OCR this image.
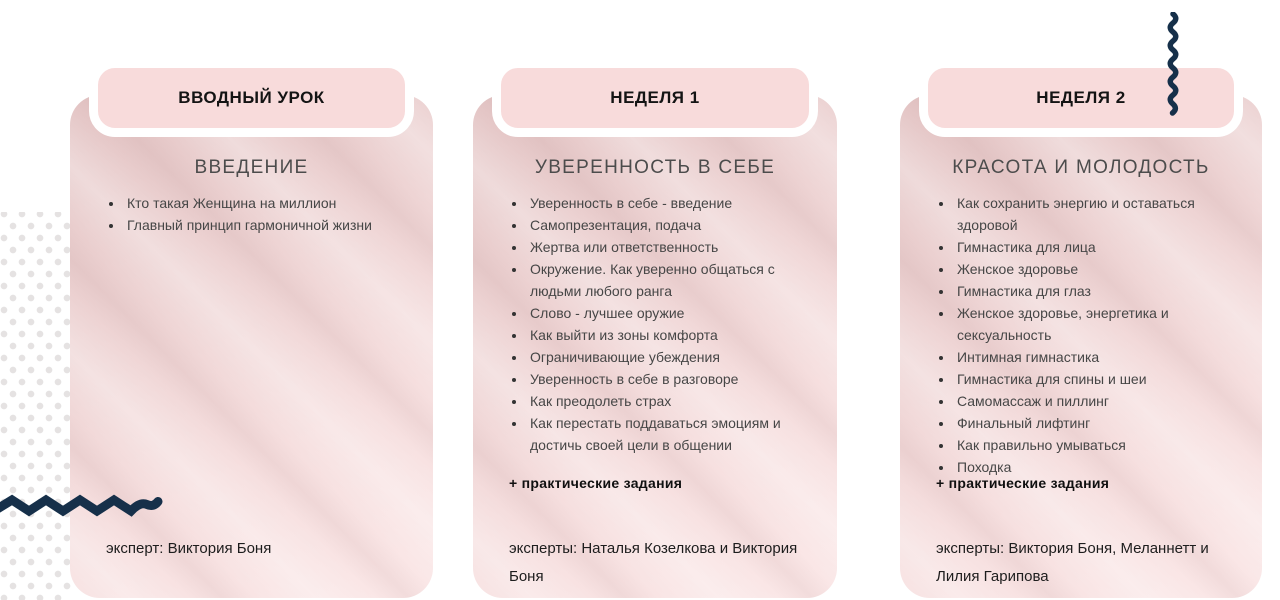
ВВОДНЫЙ УРОК
ВВЕДЕНИЕ
• Кто такая Женщина на миллион
• Главный принцип гармоничной жизни
эксперт: Виктория Боня
НЕДЕЛЯ 1
УВЕРЕННОСТЬ В СЕБЕ
• Уверенность в себе - введение
• Самопрезентация, подача
• Жертва или ответственность
• Окружение. Как уверенно общаться с людьми любого ранга
• Слово - лучшее оружие
• Как выйти из зоны комфорта
• Ограничивающие убеждения
• Уверенность в себе в разговоре
• Как преодолеть страх
• Как перестать поддаваться эмоциям и достичь своей цели в общении
+ практические задания
эксперты: Наталья Козелкова и Виктория Боня
НЕДЕЛЯ 2
КРАСОТА И МОЛОДОСТЬ
• Как сохранить энергию и оставаться здоровой
• Гимнастика для лица
• Женское здоровье
• Гимнастика для глаз
• Женское здоровье, энергетика и сексуальность
• Интимная гимнастика
• Гимнастика для спины и шеи
• Самомассаж и пиллинг
• Финальный лифтинг
• Как правильно умываться
• Походка
+ практические задания
эксперты: Виктория Боня, Меланнетт и Лилия Гарипова
